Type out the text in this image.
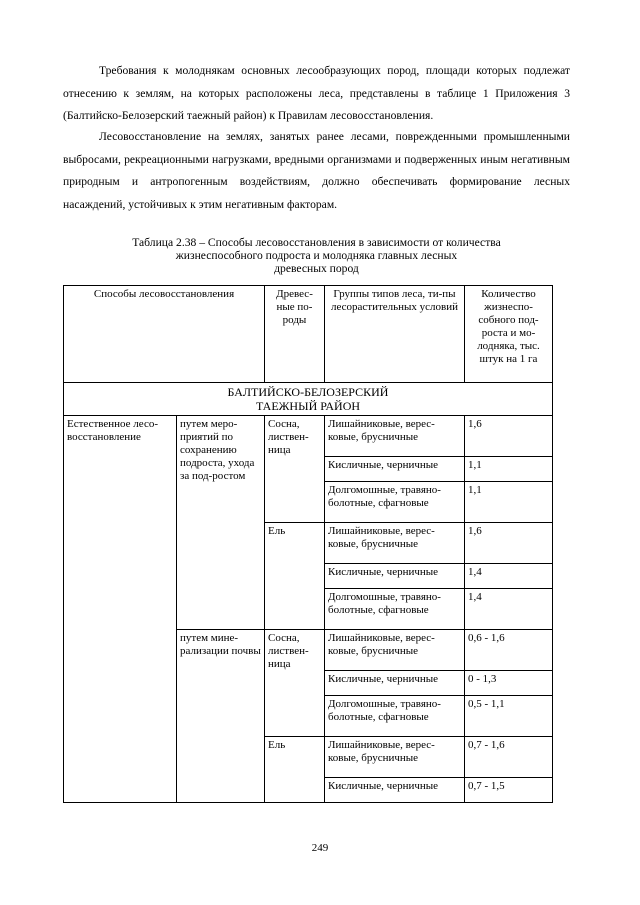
Требования к молоднякам основных лесообразующих пород, площади которых подлежат отнесению к землям, на которых расположены леса, представлены в таблице 1 Приложения 3 (Балтийско-Белозерский таежный район) к Правилам лесовосстановления.

Лесовосстановление на землях, занятых ранее лесами, поврежденными промышленными выбросами, рекреационными нагрузками, вредными организмами и подверженных иным негативным природным и антропогенным воздействиям, должно обеспечивать формирование лесных насаждений, устойчивых к этим негативным факторам.

Таблица 2.38 – Способы лесовосстановления в зависимости от количества
жизнеспособного подроста и молодняка главных лесных
древесных пород
Способы лесовосстановления		Древес-ные по-роды	Группы типов леса, ти-пы лесорастительных условий	Количество жизнеспо-собного под-роста и мо-лодняка, тыс. штук на 1 га

БАЛТИЙСКО-БЕЛОЗЕРСКИЙ
ТАЕЖНЫЙ РАЙОН				

Естественное лесо-восстановление	путем меро-приятий по сохранению подроста, ухода за под-ростом	Сосна, листвен-ница	Лишайниковые, верес-ковые, брусничные	1,6
			Кисличные, черничные	1,1
			Долгомошные, травяно-болотные, сфагновые	1,1
		Ель	Лишайниковые, верес-ковые, брусничные	1,6
			Кисличные, черничные	1,4
			Долгомошные, травяно-болотные, сфагновые	1,4
	путем мине-рализации почвы	Сосна, листвен-ница	Лишайниковые, верес-ковые, брусничные	0,6 - 1,6
			Кисличные, черничные	0 - 1,3
			Долгомошные, травяно-болотные, сфагновые	0,5 - 1,1
		Ель	Лишайниковые, верес-ковые, брусничные	0,7 - 1,6
			Кисличные, черничные	0,7 - 1,5
249
